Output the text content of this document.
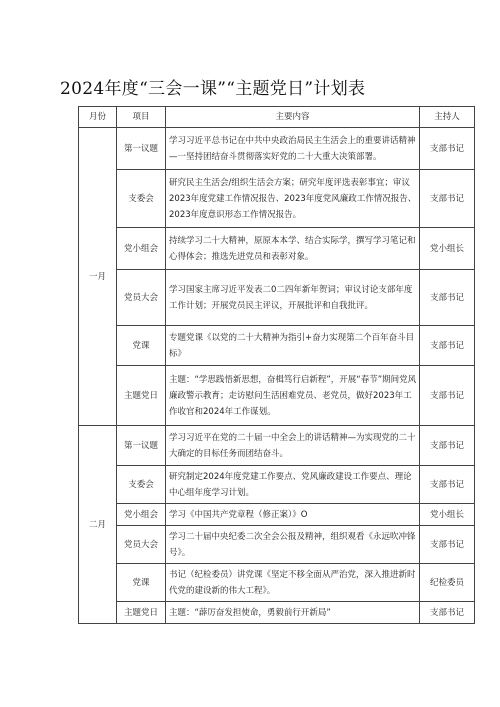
2024年度“三会一课”“主题党日”计划表
月份	项目	主要内容	主持人
一月	第一议题	学习习近平总书记在中共中央政治局民主生活会上的重要讲话精神—一坚持团结奋斗贯彻落实好党的二十大重大决策部署。	支部书记
	支委会	研究民主生活会/组织生活会方案；研究年度评选表彰事宜；审议2023年度党建工作情况报告、2023年度党风廉政工作情况报告、2023年度意识形态工作情况报告。	支部书记
	党小组会	持续学习二十大精神，原原本本学、结合实际学，撰写学习笔记和心得体会；推选先进党员和表彰对象。	党小组长
	党员大会	学习国家主席习近平发表二0二四年新年贺词；审议讨论支部年度工作计划；开展党员民主评议，开展批评和自我批评。	支部书记
	党课	专题党课《以党的二十大精神为指引+奋力实现第二个百年奋斗目标》	支部书记
	主题党日	主题：“学思践悟新思想，奋楫笃行启新程”，开展“春节”期间党风廉政警示教育；走访慰问生活困难党员、老党员，做好2023年工作收官和2024年工作谋划。	支部书记
二月	第一议题	学习习近平在党的二十届一中全会上的讲话精神—为实现党的二十大确定的目标任务而团结奋斗。	支部书记
	支委会	研究制定2024年度党建工作要点、党风廉政建设工作要点、理论中心组年度学习计划。	支部书记
	党小组会	学习《中国共产党章程（修正案）》O	党小组长
	党员大会	学习二十届中央纪委二次全会公报及精神，组织观看《永远吹冲锋号》。	支部书记
	党课	书记（纪检委员）讲党课《坚定不移全面从严治党，深入推进新时代党的建设新的伟大工程》。	纪检委员
	主题党日	主题：“薜厉奋发担使命，勇毅前行开新局”	支部书记
